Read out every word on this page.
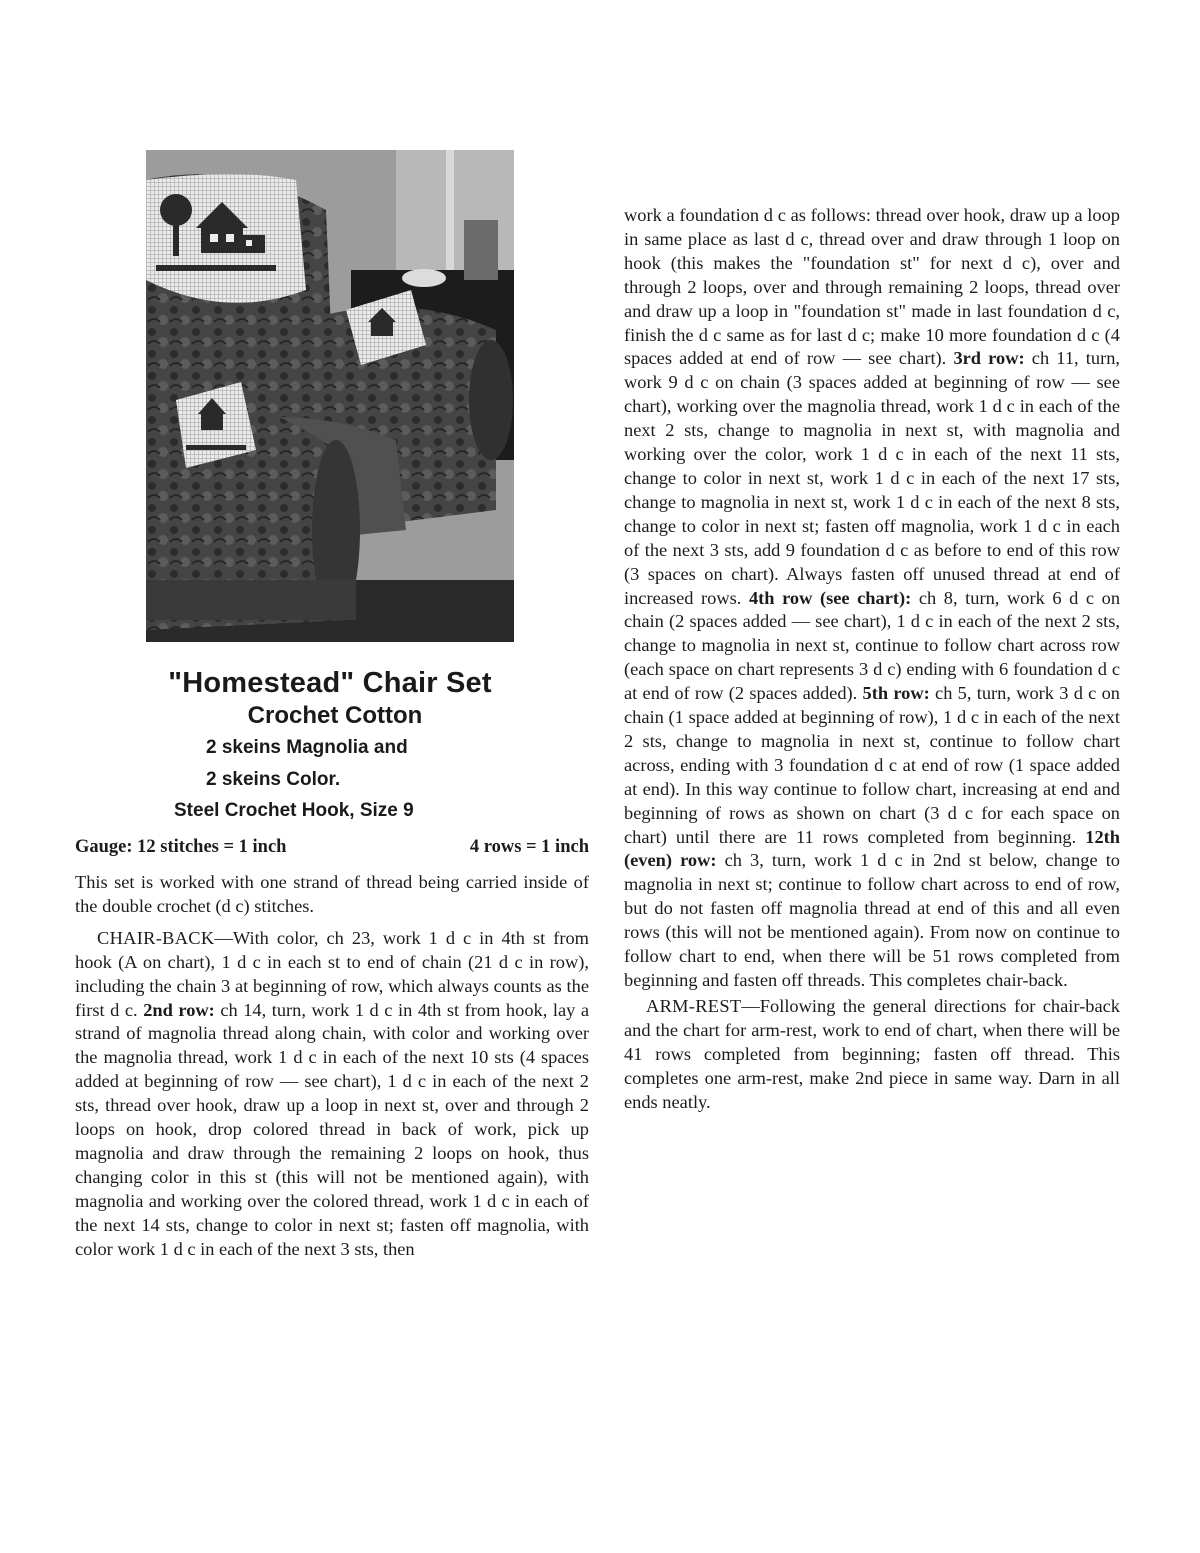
"Homestead" Chair Set
Crochet Cotton
2 skeins Magnolia and
2 skeins Color.
Steel Crochet Hook, Size 9
Gauge: 12 stitches = 1 inch	4 rows = 1 inch

This set is worked with one strand of thread being carried inside of the double crochet (d c) stitches.

CHAIR-BACK—With color, ch 23, work 1 d c in 4th st from hook (A on chart), 1 d c in each st to end of chain (21 d c in row), including the chain 3 at beginning of row, which always counts as the first d c. 2nd row: ch 14, turn, work 1 d c in 4th st from hook, lay a strand of magnolia thread along chain, with color and working over the magnolia thread, work 1 d c in each of the next 10 sts (4 spaces added at beginning of row — see chart), 1 d c in each of the next 2 sts, thread over hook, draw up a loop in next st, over and through 2 loops on hook, drop colored thread in back of work, pick up magnolia and draw through the remaining 2 loops on hook, thus changing color in this st (this will not be mentioned again), with magnolia and working over the colored thread, work 1 d c in each of the next 14 sts, change to color in next st; fasten off magnolia, with color work 1 d c in each of the next 3 sts, then

work a foundation d c as follows: thread over hook, draw up a loop in same place as last d c, thread over and draw through 1 loop on hook (this makes the "foundation st" for next d c), over and through 2 loops, over and through remaining 2 loops, thread over and draw up a loop in "foundation st" made in last foundation d c, finish the d c same as for last d c; make 10 more foundation d c (4 spaces added at end of row — see chart). 3rd row: ch 11, turn, work 9 d c on chain (3 spaces added at beginning of row — see chart), working over the magnolia thread, work 1 d c in each of the next 2 sts, change to magnolia in next st, with magnolia and working over the color, work 1 d c in each of the next 11 sts, change to color in next st, work 1 d c in each of the next 17 sts, change to magnolia in next st, work 1 d c in each of the next 8 sts, change to color in next st; fasten off magnolia, work 1 d c in each of the next 3 sts, add 9 foundation d c as before to end of this row (3 spaces on chart). Always fasten off unused thread at end of increased rows. 4th row (see chart): ch 8, turn, work 6 d c on chain (2 spaces added — see chart), 1 d c in each of the next 2 sts, change to magnolia in next st, continue to follow chart across row (each space on chart represents 3 d c) ending with 6 foundation d c at end of row (2 spaces added). 5th row: ch 5, turn, work 3 d c on chain (1 space added at beginning of row), 1 d c in each of the next 2 sts, change to magnolia in next st, continue to follow chart across, ending with 3 foundation d c at end of row (1 space added at end). In this way continue to follow chart, increasing at end and beginning of rows as shown on chart (3 d c for each space on chart) until there are 11 rows completed from beginning. 12th (even) row: ch 3, turn, work 1 d c in 2nd st below, change to magnolia in next st; continue to follow chart across to end of row, but do not fasten off magnolia thread at end of this and all even rows (this will not be mentioned again). From now on continue to follow chart to end, when there will be 51 rows completed from beginning and fasten off threads. This completes chair-back.

ARM-REST—Following the general directions for chair-back and the chart for arm-rest, work to end of chart, when there will be 41 rows completed from beginning; fasten off thread. This completes one arm-rest, make 2nd piece in same way. Darn in all ends neatly.
